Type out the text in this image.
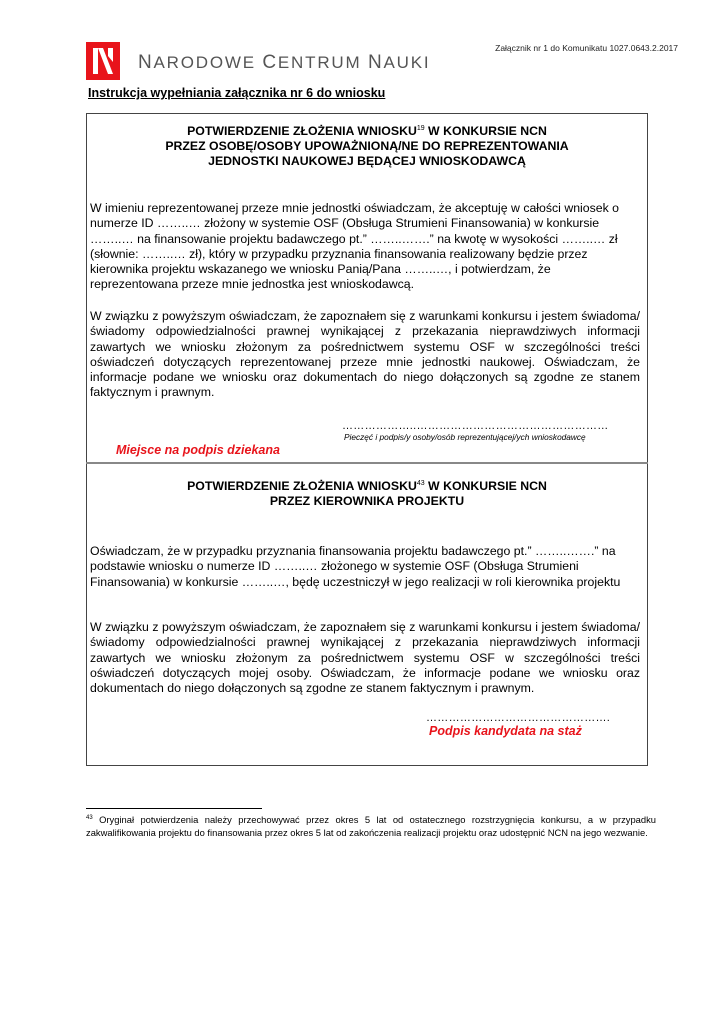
NARODOWE CENTRUM NAUKI
Załącznik nr 1 do Komunikatu 1027.0643.2.2017
Instrukcja wypełniania załącznika nr 6 do wniosku
POTWIERDZENIE ZŁOŻENIA WNIOSKU$^{19}$ W KONKURSIE NCN
PRZEZ OSOBĘ/OSOBY UPOWAŻNIONĄ/NE DO REPREZENTOWANIA
JEDNOSTKI NAUKOWEJ BĘDĄCEJ WNIOSKODAWCĄ
W imieniu reprezentowanej przeze mnie jednostki oświadczam, że akceptuję w całości wniosek o numerze ID ……..… złożony w systemie OSF (Obsługa Strumieni Finansowania) w konkursie ……..… na finansowanie projektu badawczego pt.” ……..…….” na kwotę w wysokości ……..… zł (słownie: ……..… zł), który w przypadku przyznania finansowania realizowany będzie przez kierownika projektu wskazanego we wniosku Panią/Pana ……..…, i potwierdzam, że reprezentowana przeze mnie jednostka jest wnioskodawcą.
W związku z powyższym oświadczam, że zapoznałem się z warunkami konkursu i jestem świadoma/świadomy odpowiedzialności prawnej wynikającej z przekazania nieprawdziwych informacji zawartych we wniosku złożonym za pośrednictwem systemu OSF w szczególności treści oświadczeń dotyczących reprezentowanej przeze mnie jednostki naukowej. Oświadczam, że informacje podane we wniosku oraz dokumentach do niego dołączonych są zgodne ze stanem faktycznym i prawnym.
………………..……………………………………………
Pieczęć i podpis/y osoby/osób reprezentującej/ych wnioskodawcę
Miejsce na podpis dziekana
POTWIERDZENIE ZŁOŻENIA WNIOSKU$^{43}$ W KONKURSIE NCN
PRZEZ KIEROWNIKA PROJEKTU
Oświadczam, że w przypadku przyznania finansowania projektu badawczego pt.” ……..…….” na podstawie wniosku o numerze ID ……..… złożonego w systemie OSF (Obsługa Strumieni Finansowania) w konkursie ……..…, będę uczestniczył w jego realizacji w roli kierownika projektu
W związku z powyższym oświadczam, że zapoznałem się z warunkami konkursu i jestem świadoma/świadomy odpowiedzialności prawnej wynikającej z przekazania nieprawdziwych informacji zawartych we wniosku złożonym za pośrednictwem systemu OSF w szczególności treści oświadczeń dotyczących mojej osoby. Oświadczam, że informacje podane we wniosku oraz dokumentach do niego dołączonych są zgodne ze stanem faktycznym i prawnym.
………………………………………….
Podpis kandydata na staż
$^{43}$ Oryginał potwierdzenia należy przechowywać przez okres 5 lat od ostatecznego rozstrzygnięcia konkursu, a w przypadku zakwalifikowania projektu do finansowania przez okres 5 lat od zakończenia realizacji projektu oraz udostępnić NCN na jego wezwanie.
